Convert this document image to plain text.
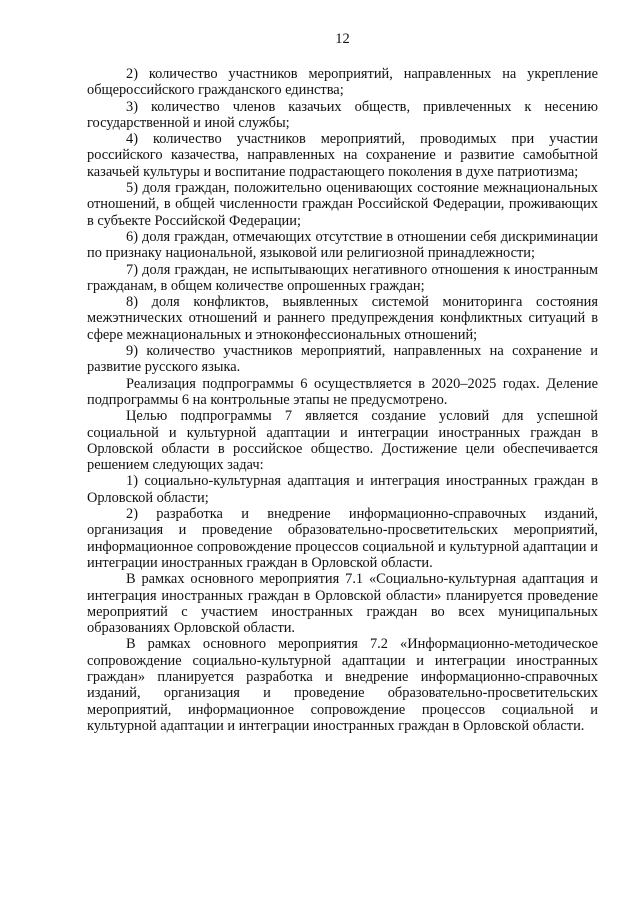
12

2) количество участников мероприятий, направленных на укрепление общероссийского гражданского единства;

3) количество членов казачьих обществ, привлеченных к несению государственной и иной службы;

4) количество участников мероприятий, проводимых при участии российского казачества, направленных на сохранение и развитие самобытной казачьей культуры и воспитание подрастающего поколения в духе патриотизма;

5) доля граждан, положительно оценивающих состояние межнациональных отношений, в общей численности граждан Российской Федерации, проживающих в субъекте Российской Федерации;

6) доля граждан, отмечающих отсутствие в отношении себя дискриминации по признаку национальной, языковой или религиозной принадлежности;

7) доля граждан, не испытывающих негативного отношения к иностранным гражданам, в общем количестве опрошенных граждан;

8) доля конфликтов, выявленных системой мониторинга состояния межэтнических отношений и раннего предупреждения конфликтных ситуаций в сфере межнациональных и этноконфессиональных отношений;

9) количество участников мероприятий, направленных на сохранение и развитие русского языка.

Реализация подпрограммы 6 осуществляется в 2020–2025 годах. Деление подпрограммы 6 на контрольные этапы не предусмотрено.

Целью подпрограммы 7 является создание условий для успешной социальной и культурной адаптации и интеграции иностранных граждан в Орловской области в российское общество. Достижение цели обеспечивается решением следующих задач:

1) социально-культурная адаптация и интеграция иностранных граждан в Орловской области;

2) разработка и внедрение информационно-справочных изданий, организация и проведение образовательно-просветительских мероприятий, информационное сопровождение процессов социальной и культурной адаптации и интеграции иностранных граждан в Орловской области.

В рамках основного мероприятия 7.1 «Социально-культурная адаптация и интеграция иностранных граждан в Орловской области» планируется проведение мероприятий с участием иностранных граждан во всех муниципальных образованиях Орловской области.

В рамках основного мероприятия 7.2 «Информационно-методическое сопровождение социально-культурной адаптации и интеграции иностранных граждан» планируется разработка и внедрение информационно-справочных изданий, организация и проведение образовательно-просветительских мероприятий, информационное сопровождение процессов социальной и культурной адаптации и интеграции иностранных граждан в Орловской области.
